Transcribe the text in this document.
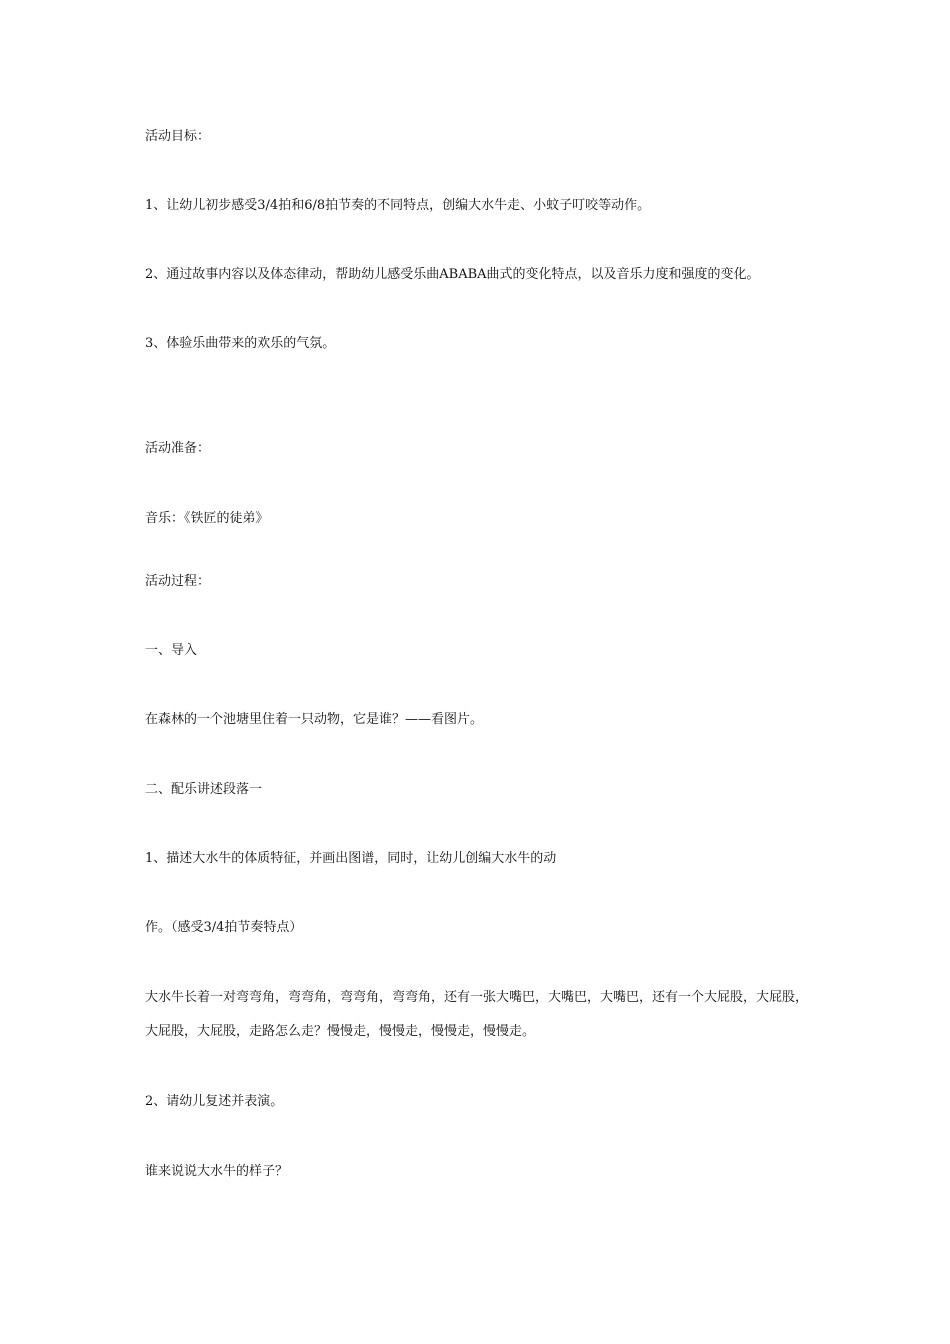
活动目标：
1、让幼儿初步感受3/4拍和6/8拍节奏的不同特点，创编大水牛走、小蚊子叮咬等动作。
2、通过故事内容以及体态律动，帮助幼儿感受乐曲ABABA曲式的变化特点，以及音乐力度和强度的变化。
3、体验乐曲带来的欢乐的气氛。
活动准备：
音乐：《铁匠的徒弟》
活动过程：
一、导入
在森林的一个池塘里住着一只动物，它是谁？——看图片。
二、配乐讲述段落一
1、描述大水牛的体质特征，并画出图谱，同时，让幼儿创编大水牛的动
作。（感受3/4拍节奏特点）
大水牛长着一对弯弯角，弯弯角，弯弯角，弯弯角，还有一张大嘴巴，大嘴巴，大嘴巴，还有一个大屁股，大屁股，大屁股，大屁股，走路怎么走？慢慢走，慢慢走，慢慢走，慢慢走。
2、请幼儿复述并表演。
谁来说说大水牛的样子？
